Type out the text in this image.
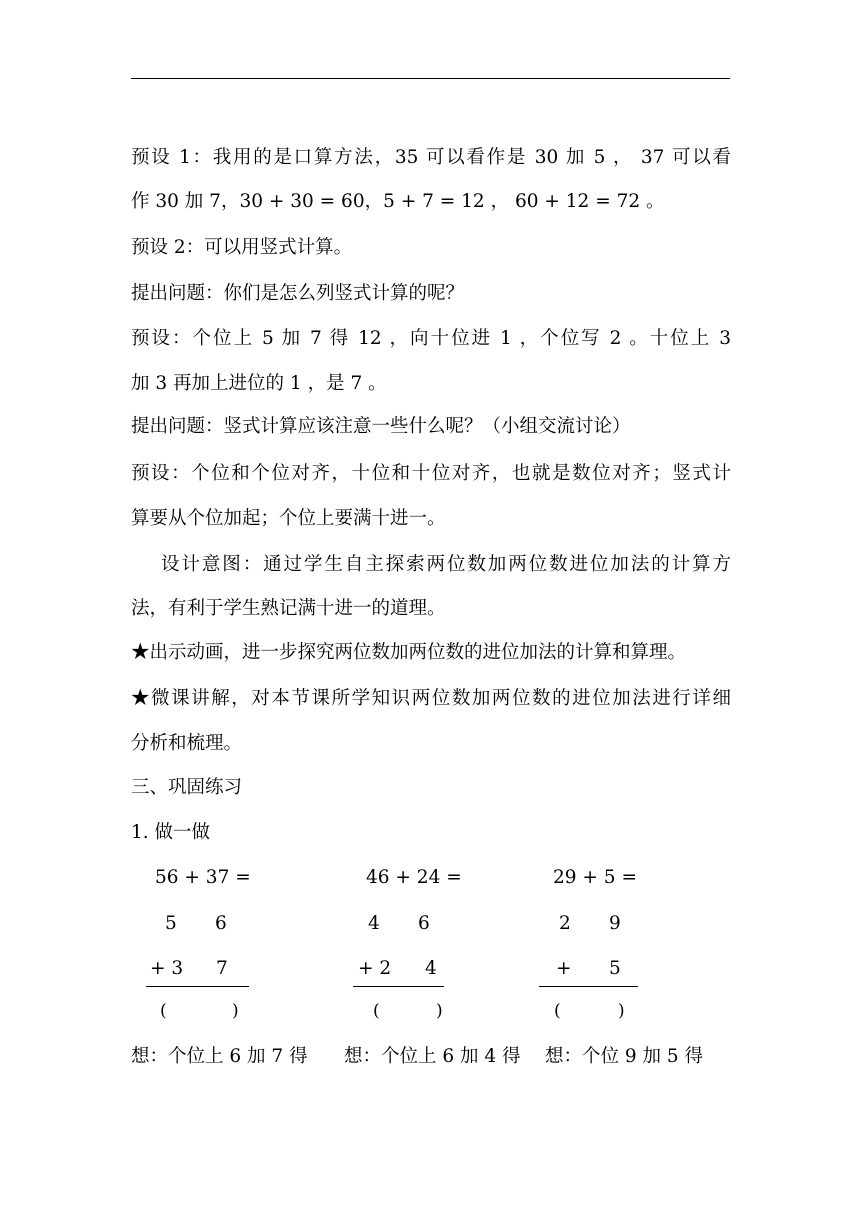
预设 1：我用的是口算方法，35 可以看作是 30 加 5 ， 37 可以看
作 30 加 7，30 + 30 = 60，5 + 7 = 12 ， 60 + 12 = 72 。
预设 2：可以用竖式计算。
提出问题：你们是怎么列竖式计算的呢？
预设：个位上 5 加 7 得 12 ，向十位进 1 ，个位写 2 。十位上 3
加 3 再加上进位的 1 ，是 7 。
提出问题：竖式计算应该注意一些什么呢？（小组交流讨论）
预设：个位和个位对齐，十位和十位对齐，也就是数位对齐；竖式计
算要从个位加起；个位上要满十进一。
设计意图：通过学生自主探索两位数加两位数进位加法的计算方
法，有利于学生熟记满十进一的道理。
★出示动画，进一步探究两位数加两位数的进位加法的计算和算理。
★微课讲解，对本节课所学知识两位数加两位数的进位加法进行详细
分析和梳理。
三、巩固练习
1. 做一做
56 + 37 =
5 6
+ 3 7
(	)
46 + 24 =
4 6
+ 2 4
(	)
29 + 5 =
2 9
+ 5
(	)
想：个位上 6 加 7 得 想：个位上 6 加 4 得 想：个位 9 加 5 得
